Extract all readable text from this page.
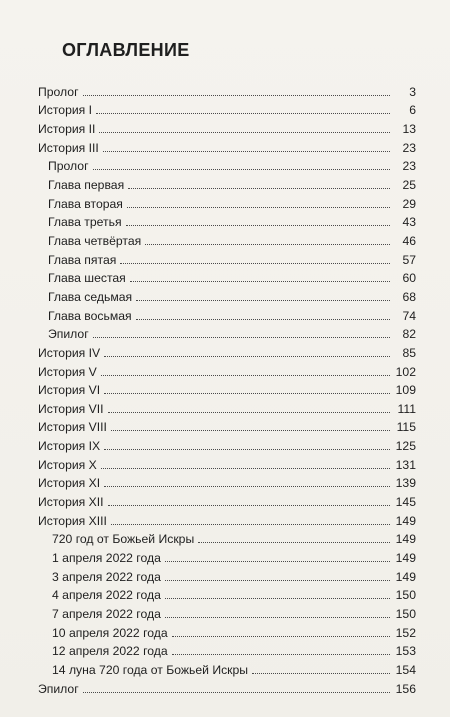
ОГЛАВЛЕНИЕ
Пролог	3
История I	6
История II	13
История III	23
Пролог	23
Глава первая	25
Глава вторая	29
Глава третья	43
Глава четвёртая	46
Глава пятая	57
Глава шестая	60
Глава седьмая	68
Глава восьмая	74
Эпилог	82
История IV	85
История V	102
История VI	109
История VII	111
История VIII	115
История IX	125
История X	131
История XI	139
История XII	145
История XIII	149
720 год от Божьей Искры	149
1 апреля 2022 года	149
3 апреля 2022 года	149
4 апреля 2022 года	150
7 апреля 2022 года	150
10 апреля 2022 года	152
12 апреля 2022 года	153
14 луна 720 года от Божьей Искры	154
Эпилог	156
